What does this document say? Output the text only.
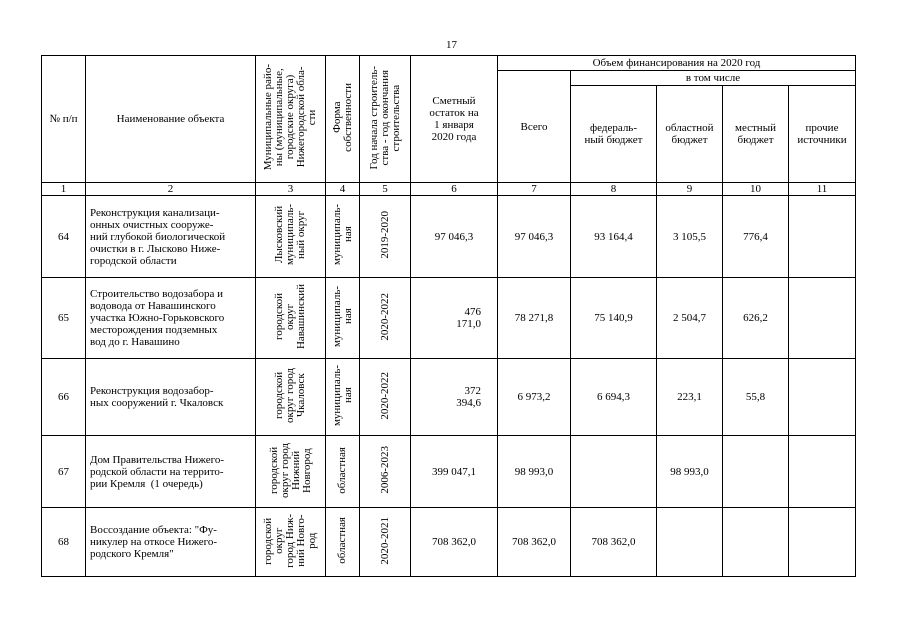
17
№ п/п	Наименование объекта	Муниципальные райо-
ны (муниципальные,
городские округа)
Нижегородской обла-
сти	Форма
собственности	Год начала строитель-
ства - год окончания
строительства	Сметный
остаток на
1 января
2020 года	Объем финансирования на 2020 год				
						Всего	в том числе			
							федераль-
ный бюджет	областной
бюджет	местный
бюджет	прочие
источники
1	2	3	4	5	6	7	8	9	10	11
64	Реконструкция канализаци-
онных очистных сооруже-
ний глубокой биологической
очистки в г. Лысково Ниже-
городской области	Лысковский
муниципаль-
ный округ	муниципаль-
ная	2019-2020	97 046,3	97 046,3	93 164,4	3 105,5	776,4	
65	Строительство водозабора и
водовода от Навашинского
участка Южно-Горьковского
месторождения подземных
вод до г. Навашино	городской
округ
Навашинский	муниципаль-
ная	2020-2022	476
171,0	78 271,8	75 140,9	2 504,7	626,2	
66	Реконструкция водозабор-
ных сооружений г. Чкаловск	городской
округ город
Чкаловск	муниципаль-
ная	2020-2022	372
394,6	6 973,2	6 694,3	223,1	55,8	
67	Дом Правительства Нижего-
родской области на террито-
рии Кремля  (1 очередь)	городской
округ город
Нижний
Новгород	областная	2006-2023	399 047,1	98 993,0		98 993,0		
68	Воссоздание объекта: "Фу-
никулер на откосе Нижего-
родского Кремля"	городской
округ
город Ниж-
ний Новго-
род	областная	2020-2021	708 362,0	708 362,0	708 362,0			
